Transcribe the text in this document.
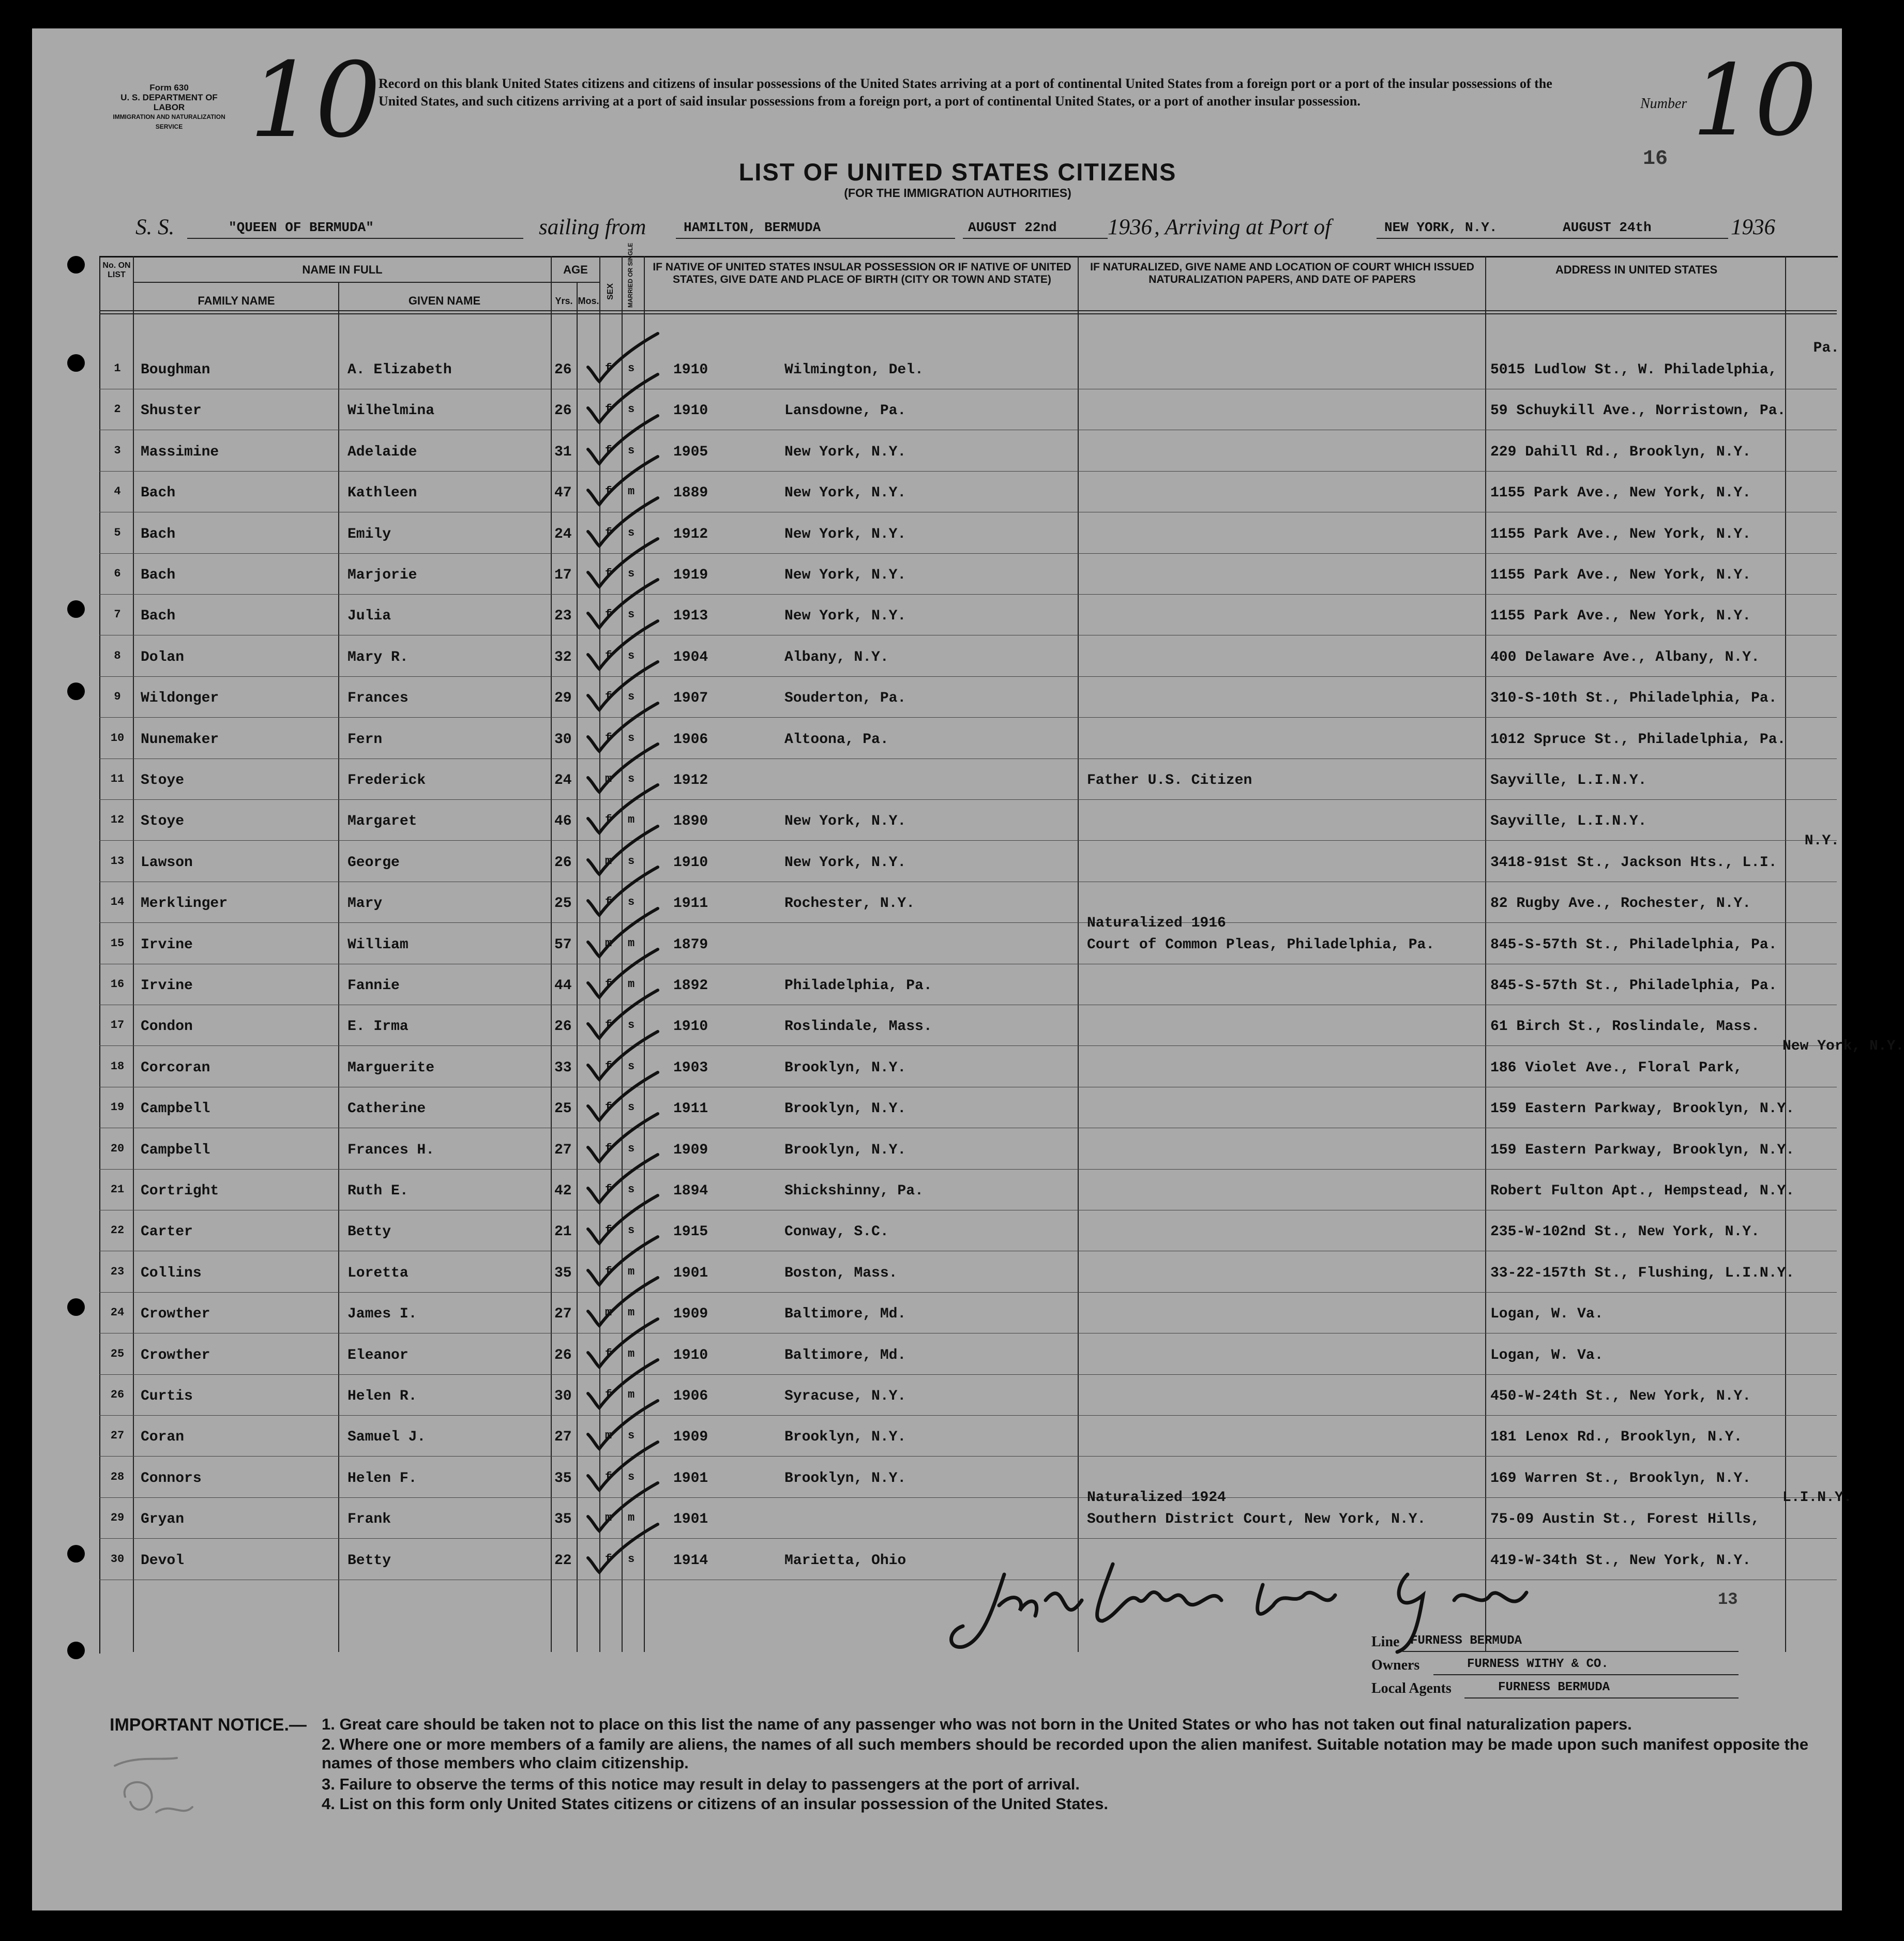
Form 630
U. S. DEPARTMENT OF LABOR
IMMIGRATION AND NATURALIZATION SERVICE 10
Record on this blank United States citizens and citizens of insular possessions of the United States arriving at a port of continental United States from a foreign port or a port of the insular possessions of the United States, and such citizens arriving at a port of said insular possessions from a foreign port, a port of continental United States, or a port of another insular possession.	Number 10
16
LIST OF UNITED STATES CITIZENS
(FOR THE IMMIGRATION AUTHORITIES)
S. S.	"QUEEN OF BERMUDA"	sailing from	HAMILTON, BERMUDA	AUGUST 22nd 1936 , Arriving at Port of	NEW YORK, N.Y.	AUGUST 24th	1936
No. ON LIST	NAME IN FULL
FAMILY NAME	GIVEN NAME
AGE
Yrs. Mos.
SEX MARRIED OR SINGLE IF NATIVE OF UNITED STATES INSULAR POSSESSION OR IF NATIVE OF UNITED STATES, GIVE DATE AND PLACE OF BIRTH (CITY OR TOWN AND STATE)
IF NATURALIZED, GIVE NAME AND LOCATION OF COURT WHICH ISSUED NATURALIZATION PAPERS, AND DATE OF PAPERS
ADDRESS IN UNITED STATES
1	Boughman	A. Elizabeth	26	f s	1910	Wilmington, Del.	5015 Ludlow St., W. Philadelphia,
Pa.
2	Shuster	Wilhelmina	26	f s	1910	Lansdowne, Pa.	59 Schuykill Ave., Norristown, Pa.
3	Massimine	Adelaide	31	f s	1905	New York, N.Y.	229 Dahill Rd., Brooklyn, N.Y.
4	Bach	Kathleen	47	f m	1889	New York, N.Y.	1155 Park Ave., New York, N.Y.
5	Bach	Emily	24	f s	1912	New York, N.Y.	1155 Park Ave., New York, N.Y.
6	Bach	Marjorie	17	f s	1919	New York, N.Y.	1155 Park Ave., New York, N.Y.
7	Bach	Julia	23	f s	1913	New York, N.Y.	1155 Park Ave., New York, N.Y.
8	Dolan	Mary R.	32	f s	1904	Albany, N.Y.	400 Delaware Ave., Albany, N.Y.
9	Wildonger	Frances	29	f s	1907	Souderton, Pa.	310-S-10th St., Philadelphia, Pa.
10	Nunemaker	Fern	30	f s	1906	Altoona, Pa.	1012 Spruce St., Philadelphia, Pa.
11	Stoye	Frederick	24	m s	1912	Father U.S. Citizen	Sayville, L.I.N.Y.
12	Stoye	Margaret	46	f m	1890	New York, N.Y.	Sayville, L.I.N.Y.
13	Lawson	George	26	m s	1910	New York, N.Y.	3418-91st St., Jackson Hts., L.I.
N.Y.
14	Merklinger	Mary	25	f s	1911	Rochester, N.Y.	82 Rugby Ave., Rochester, N.Y.
15	Irvine	William	57	m m	1879
Naturalized 1916
Court of Common Pleas, Philadelphia, Pa.	845-S-57th St., Philadelphia, Pa.
16	Irvine	Fannie	44	f m	1892	Philadelphia, Pa.	845-S-57th St., Philadelphia, Pa.
17	Condon	E. Irma	26	f s	1910	Roslindale, Mass.	61 Birch St., Roslindale, Mass.
18	Corcoran	Marguerite	33	f s	1903	Brooklyn, N.Y.	186 Violet Ave., Floral Park,
New York, N.Y.
19	Campbell	Catherine	25	f s	1911	Brooklyn, N.Y.	159 Eastern Parkway, Brooklyn, N.Y.
20	Campbell	Frances H.	27	f s	1909	Brooklyn, N.Y.	159 Eastern Parkway, Brooklyn, N.Y.
21	Cortright	Ruth E.	42	f s	1894	Shickshinny, Pa.	Robert Fulton Apt., Hempstead, N.Y.
22	Carter	Betty	21	f s	1915	Conway, S.C.	235-W-102nd St., New York, N.Y.
23	Collins	Loretta	35	f m	1901	Boston, Mass.	33-22-157th St., Flushing, L.I.N.Y.
24	Crowther	James I.	27	m m	1909	Baltimore, Md.	Logan, W. Va.
25	Crowther	Eleanor	26	f m	1910	Baltimore, Md.	Logan, W. Va.
26	Curtis	Helen R.	30	f m	1906	Syracuse, N.Y.	450-W-24th St., New York, N.Y.
27	Coran	Samuel J.	27	m s	1909	Brooklyn, N.Y.	181 Lenox Rd., Brooklyn, N.Y.
28	Connors	Helen F.	35	f s	1901	Brooklyn, N.Y.	169 Warren St., Brooklyn, N.Y.
29	Gryan	Frank	35	m m	1901
Naturalized 1924
Southern District Court, New York, N.Y.	75-09 Austin St., Forest Hills,
L.I.N.Y.
30	Devol	Betty	22	f s	1914	Marietta, Ohio	419-W-34th St., New York, N.Y.
13
Line FURNESS BERMUDA
Owners	FURNESS WITHY & CO.
Local Agents	FURNESS BERMUDA
IMPORTANT NOTICE.— 1. Great care should be taken not to place on this list the name of any passenger who was not born in the United States or who has not taken out final naturalization papers.
2. Where one or more members of a family are aliens, the names of all such members should be recorded upon the alien manifest. Suitable notation may be made upon such manifest opposite the names of those members who claim citizenship.
3. Failure to observe the terms of this notice may result in delay to passengers at the port of arrival.
4. List on this form only United States citizens or citizens of an insular possession of the United States.
